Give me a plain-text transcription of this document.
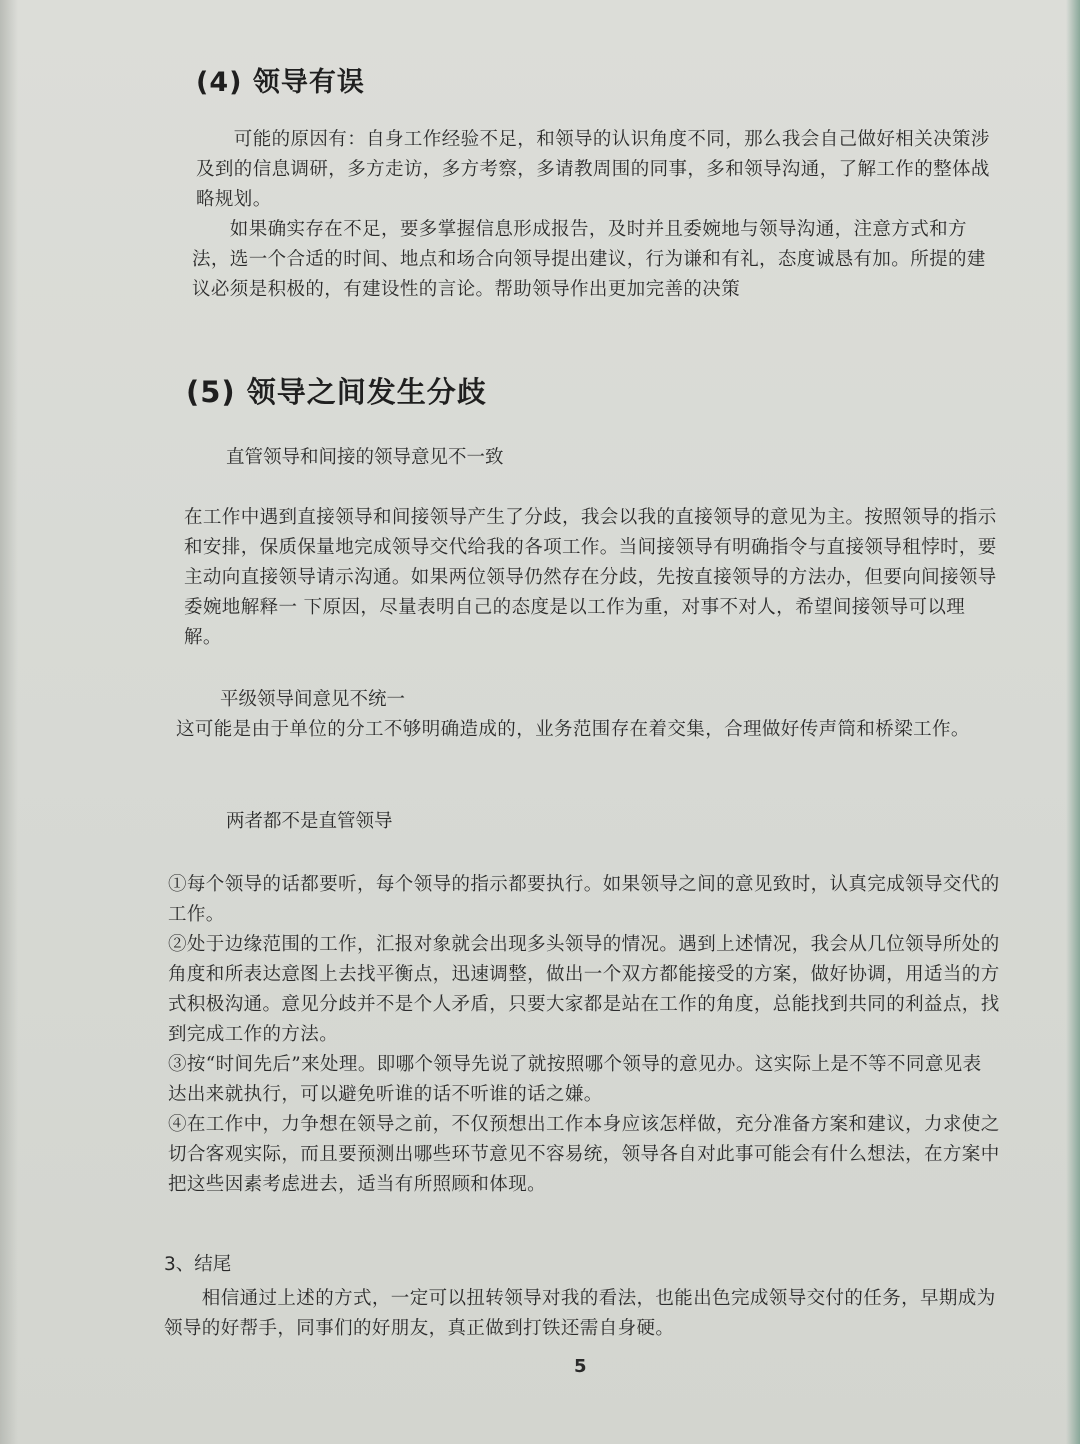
(4) 领导有误

　　可能的原因有：自身工作经验不足，和领导的认识角度不同，那么我会自己做好相关决策涉及到的信息调研，多方走访，多方考察，多请教周围的同事，多和领导沟通，了解工作的整体战略规划。

　　如果确实存在不足，要多掌握信息形成报告，及时并且委婉地与领导沟通，注意方式和方法，选一个合适的时间、地点和场合向领导提出建议，行为谦和有礼，态度诚恳有加。所提的建议必须是积极的，有建设性的言论。帮助领导作出更加完善的决策

(5) 领导之间发生分歧

直管领导和间接的领导意见不一致

在工作中遇到直接领导和间接领导产生了分歧，我会以我的直接领导的意见为主。按照领导的指示和安排，保质保量地完成领导交代给我的各项工作。当间接领导有明确指令与直接领导租悖时，要 主动向直接领导请示沟通。如果两位领导仍然存在分歧，先按直接领导的方法办，但要向间接领导委婉地解释一 下原因，尽量表明自己的态度是以工作为重，对事不对人，希望间接领导可以理解。

平级领导间意见不统一

这可能是由于单位的分工不够明确造成的，业务范围存在着交集，合理做好传声筒和桥梁工作。

两者都不是直管领导

①每个领导的话都要听，每个领导的指示都要执行。如果领导之间的意见致时，认真完成领导交代的工作。

②处于边缘范围的工作，汇报对象就会出现多头领导的情况。遇到上述情况，我会从几位领导所处的角度和所表达意图上去找平衡点，迅速调整，做出一个双方都能接受的方案，做好协调，用适当的方式积极沟通。意见分歧并不是个人矛盾，只要大家都是站在工作的角度，总能找到共同的利益点，找到完成工作的方法。

③按“时间先后”来处理。即哪个领导先说了就按照哪个领导的意见办。这实际上是不等不同意见表达出来就执行，可以避免听谁的话不听谁的话之嫌。

④在工作中，力争想在领导之前，不仅预想出工作本身应该怎样做，充分准备方案和建议，力求使之切合客观实际，而且要预测出哪些环节意见不容易统，领导各自对此事可能会有什么想法，在方案中把这些因素考虑进去，适当有所照顾和体现。

3、结尾

　　相信通过上述的方式，一定可以扭转领导对我的看法，也能出色完成领导交付的任务，早期成为领导的好帮手，同事们的好朋友，真正做到打铁还需自身硬。

5
